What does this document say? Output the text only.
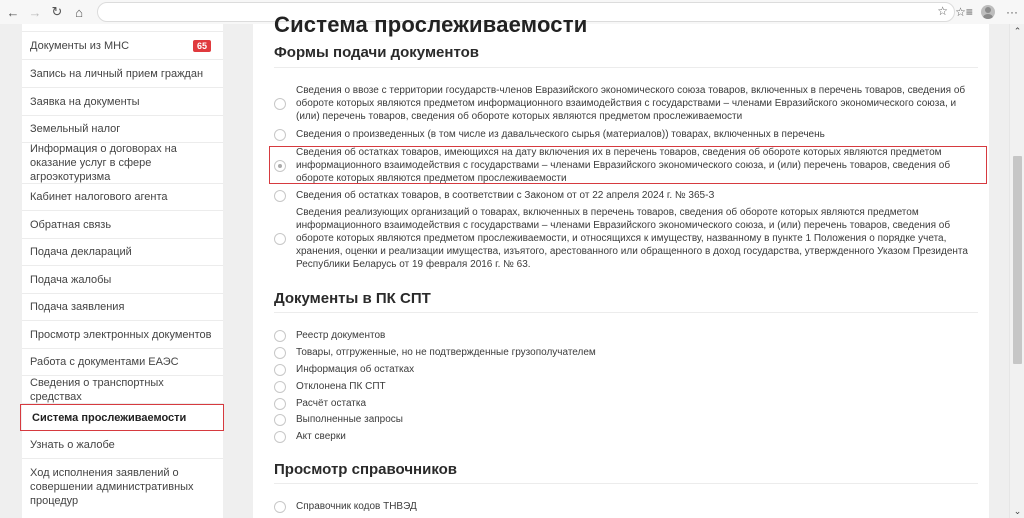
← → ↻ ⌂	☆ ☆≡	···
Документы из МНС	65
Запись на личный прием граждан
Заявка на документы
Земельный налог
Информация о договорах на оказание услуг в сфере агроэкотуризма
Кабинет налогового агента
Обратная связь
Подача деклараций
Подача жалобы
Подача заявления
Просмотр электронных документов
Работа с документами ЕАЭС
Сведения о транспортных средствах
Система прослеживаемости
Узнать о жалобе
Ход исполнения заявлений о совершении административных процедур
Система прослеживаемости
Формы подачи документов
Сведения о ввозе с территории государств-членов Евразийского экономического союза товаров, включенных в перечень товаров, сведения об обороте которых являются предметом информационного взаимодействия с государствами – членами Евразийского экономического союза, и (или) перечень товаров, сведения об обороте которых являются предметом прослеживаемости
Сведения о произведенных (в том числе из давальческого сырья (материалов)) товарах, включенных в перечень
Сведения об остатках товаров, имеющихся на дату включения их в перечень товаров, сведения об обороте которых являются предметом информационного взаимодействия с государствами – членами Евразийского экономического союза, и (или) перечень товаров, сведения об обороте которых являются предметом прослеживаемости
Сведения об остатках товаров, в соответствии с Законом от от 22 апреля 2024 г. № 365-З
Сведения реализующих организаций о товарах, включенных в перечень товаров, сведения об обороте которых являются предметом информационного взаимодействия с государствами – членами Евразийского экономического союза, и (или) перечень товаров, сведения об обороте которых являются предметом прослеживаемости, и относящихся к имуществу, названному в пункте 1 Положения о порядке учета, хранения, оценки и реализации имущества, изъятого, арестованного или обращенного в доход государства, утвержденного Указом Президента Республики Беларусь от 19 февраля 2016 г. № 63.
Документы в ПК СПТ
Реестр документов
Товары, отгруженные, но не подтвержденные грузополучателем
Информация об остатках
Отклонена ПК СПТ
Расчёт остатка
Выполненные запросы
Акт сверки
Просмотр справочников
Справочник кодов ТНВЭД
⌃
⌄
